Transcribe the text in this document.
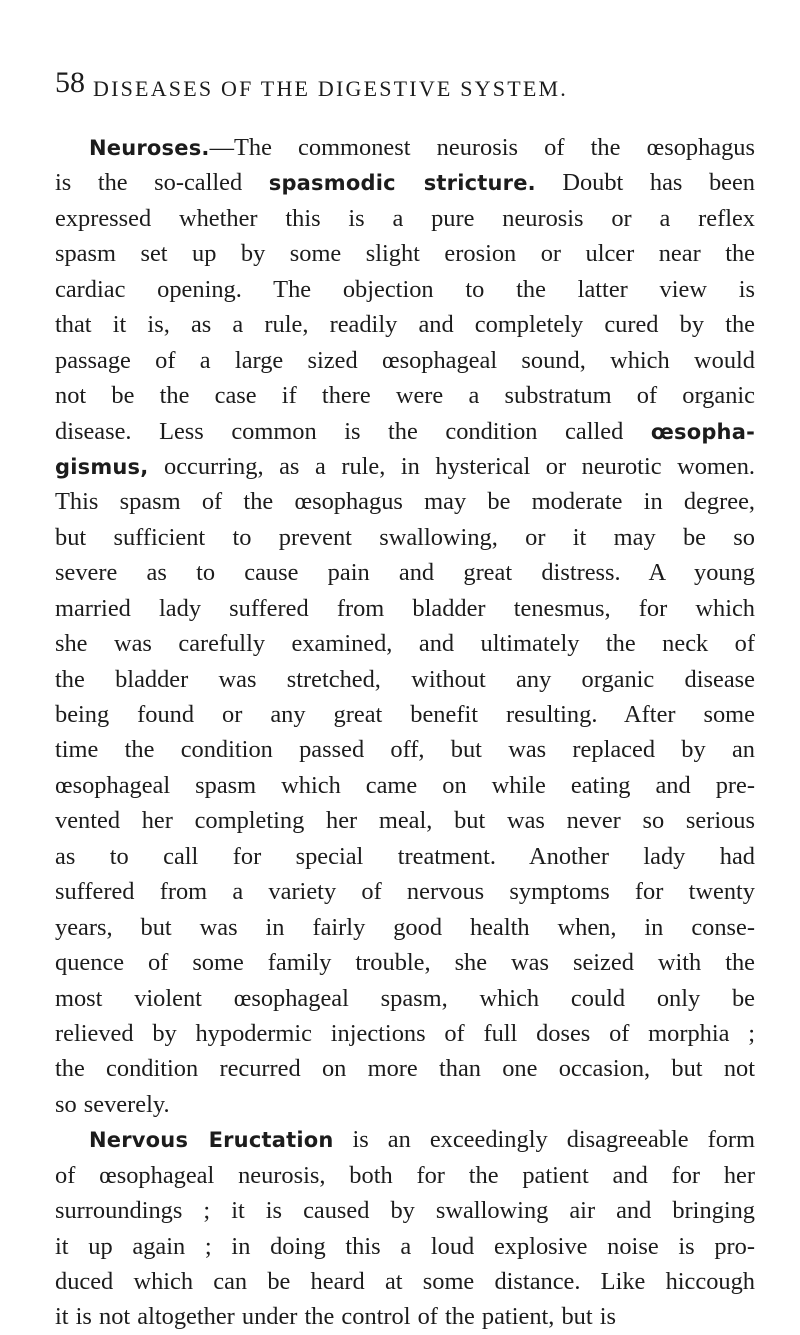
58 DISEASES OF THE DIGESTIVE SYSTEM.
Neuroses.—The commonest neurosis of the œsophagus
is the so-called spasmodic stricture. Doubt has been
expressed whether this is a pure neurosis or a reflex
spasm set up by some slight erosion or ulcer near the
cardiac opening. The objection to the latter view is
that it is, as a rule, readily and completely cured by the
passage of a large sized œsophageal sound, which would
not be the case if there were a substratum of organic
disease. Less common is the condition called œsopha-
gismus, occurring, as a rule, in hysterical or neurotic women.
This spasm of the œsophagus may be moderate in degree,
but sufficient to prevent swallowing, or it may be so
severe as to cause pain and great distress. A young
married lady suffered from bladder tenesmus, for which
she was carefully examined, and ultimately the neck of
the bladder was stretched, without any organic disease
being found or any great benefit resulting. After some
time the condition passed off, but was replaced by an
œsophageal spasm which came on while eating and pre-
vented her completing her meal, but was never so serious
as to call for special treatment. Another lady had
suffered from a variety of nervous symptoms for twenty
years, but was in fairly good health when, in conse-
quence of some family trouble, she was seized with the
most violent œsophageal spasm, which could only be
relieved by hypodermic injections of full doses of morphia ;
the condition recurred on more than one occasion, but not
so severely.
Nervous Eructation is an exceedingly disagreeable form
of œsophageal neurosis, both for the patient and for her
surroundings ; it is caused by swallowing air and bringing
it up again ; in doing this a loud explosive noise is pro-
duced which can be heard at some distance. Like hiccough
it is not altogether under the control of the patient, but is
